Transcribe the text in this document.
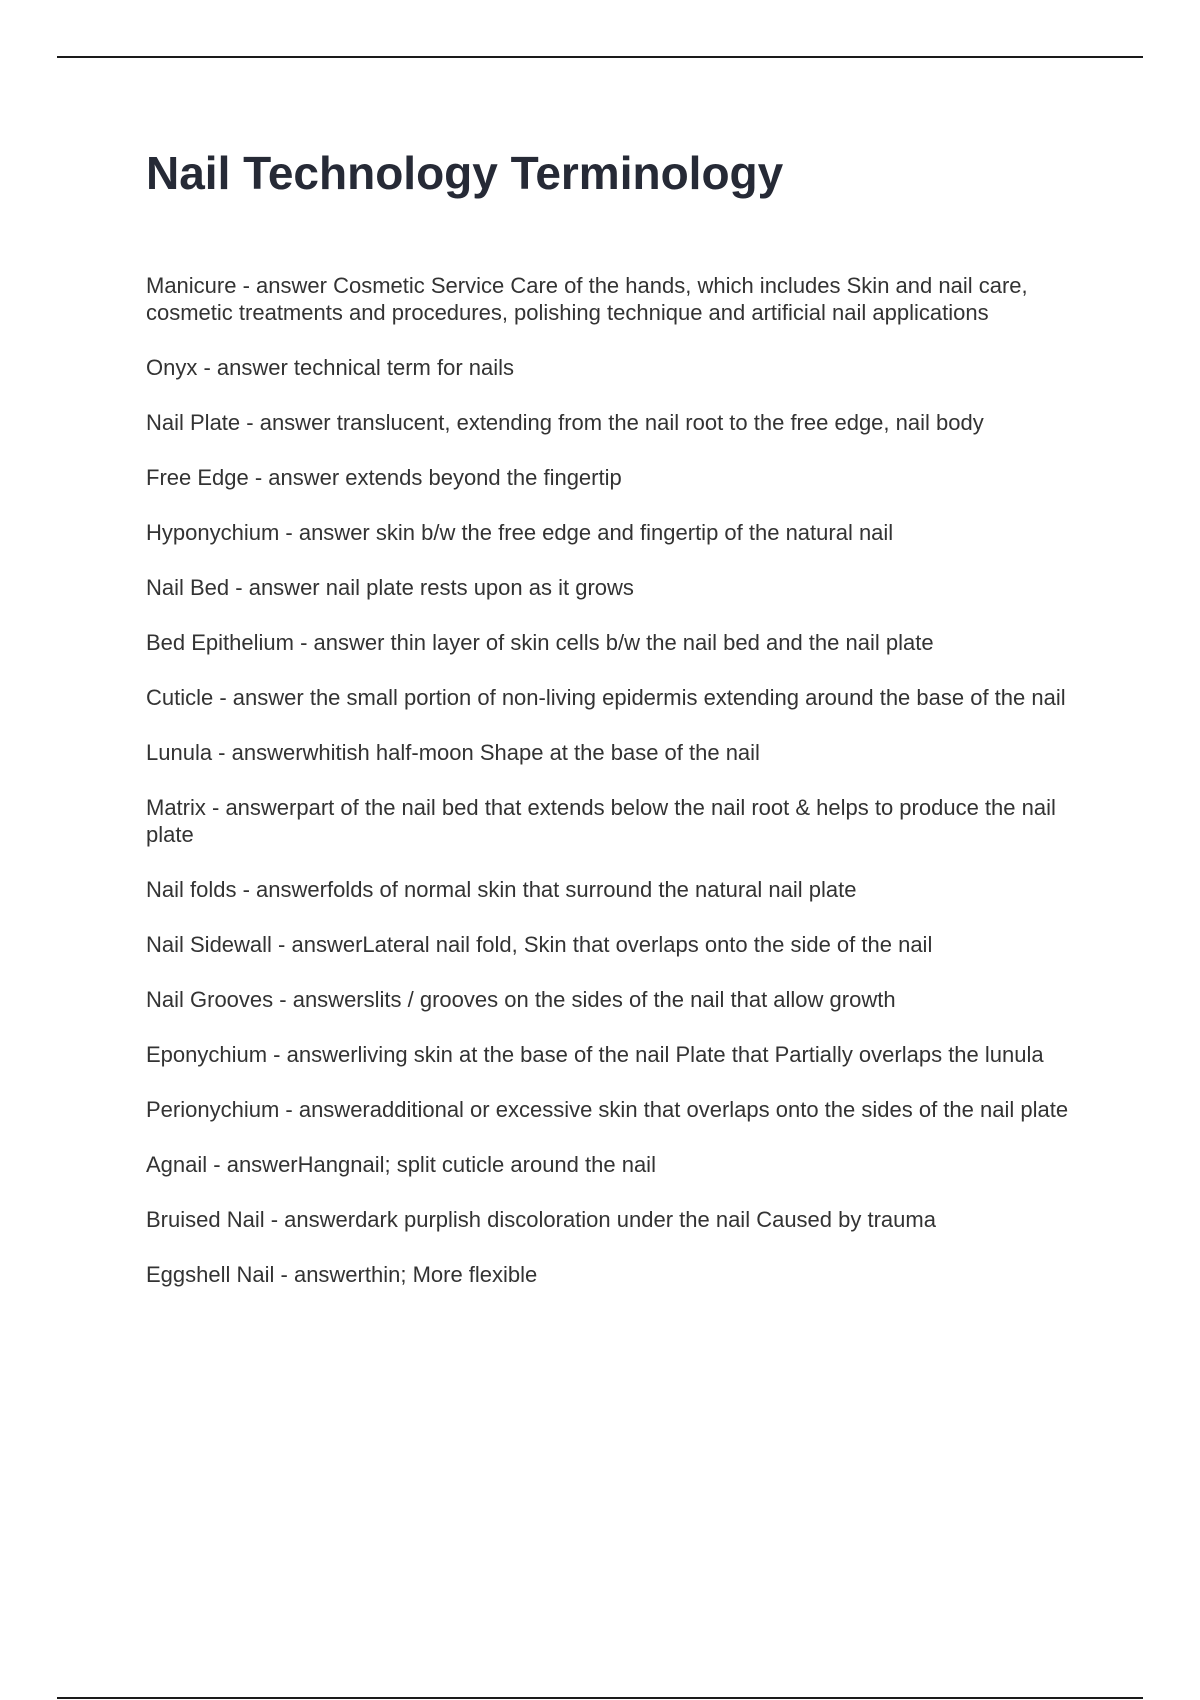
Nail Technology Terminology

Manicure - answer Cosmetic Service Care of the hands, which includes Skin and nail care, cosmetic treatments and procedures, polishing technique and artificial nail applications

Onyx - answer technical term for nails

Nail Plate - answer translucent, extending from the nail root to the free edge, nail body

Free Edge - answer extends beyond the fingertip

Hyponychium - answer skin b/w the free edge and fingertip of the natural nail

Nail Bed - answer nail plate rests upon as it grows

Bed Epithelium - answer thin layer of skin cells b/w the nail bed and the nail plate

Cuticle - answer the small portion of non-living epidermis extending around the base of the nail

Lunula - answerwhitish half-moon Shape at the base of the nail

Matrix - answerpart of the nail bed that extends below the nail root & helps to produce the nail plate

Nail folds - answerfolds of normal skin that surround the natural nail plate

Nail Sidewall - answerLateral nail fold, Skin that overlaps onto the side of the nail

Nail Grooves - answerslits / grooves on the sides of the nail that allow growth

Eponychium - answerliving skin at the base of the nail Plate that Partially overlaps the lunula

Perionychium - answeradditional or excessive skin that overlaps onto the sides of the nail plate

Agnail - answerHangnail; split cuticle around the nail

Bruised Nail - answerdark purplish discoloration under the nail Caused by trauma

Eggshell Nail - answerthin; More flexible
